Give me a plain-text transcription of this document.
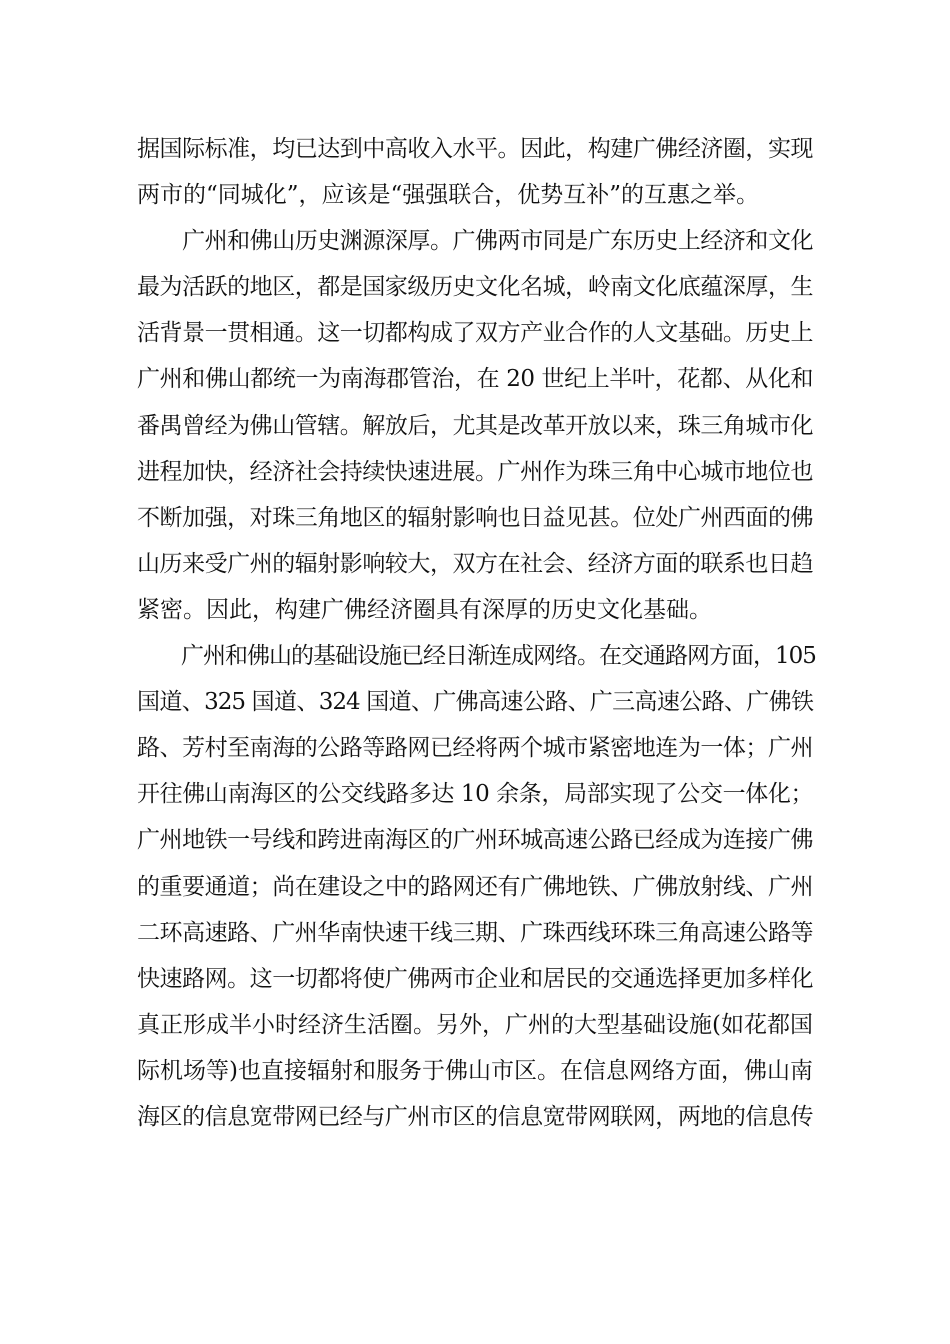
据国际标准，均已达到中高收入水平。因此，构建广佛经济圈，实现
两市的“同城化”，应该是“强强联合，优势互补”的互惠之举。

　　广州和佛山历史渊源深厚。广佛两市同是广东历史上经济和文化
最为活跃的地区，都是国家级历史文化名城，岭南文化底蕴深厚，生
活背景一贯相通。这一切都构成了双方产业合作的人文基础。历史上
广州和佛山都统一为南海郡管治，在 20 世纪上半叶，花都、从化和
番禺曾经为佛山管辖。解放后，尤其是改革开放以来，珠三角城市化
进程加快，经济社会持续快速进展。广州作为珠三角中心城市地位也
不断加强，对珠三角地区的辐射影响也日益见甚。位处广州西面的佛
山历来受广州的辐射影响较大，双方在社会、经济方面的联系也日趋
紧密。因此，构建广佛经济圈具有深厚的历史文化基础。

　　广州和佛山的基础设施已经日渐连成网络。在交通路网方面，105
国道、325 国道、324 国道、广佛高速公路、广三高速公路、广佛铁
路、芳村至南海的公路等路网已经将两个城市紧密地连为一体；广州
开往佛山南海区的公交线路多达 10 余条，局部实现了公交一体化；
广州地铁一号线和跨进南海区的广州环城高速公路已经成为连接广佛
的重要通道；尚在建设之中的路网还有广佛地铁、广佛放射线、广州
二环高速路、广州华南快速干线三期、广珠西线环珠三角高速公路等
快速路网。这一切都将使广佛两市企业和居民的交通选择更加多样化
真正形成半小时经济生活圈。另外，广州的大型基础设施(如花都国
际机场等)也直接辐射和服务于佛山市区。在信息网络方面，佛山南
海区的信息宽带网已经与广州市区的信息宽带网联网，两地的信息传
